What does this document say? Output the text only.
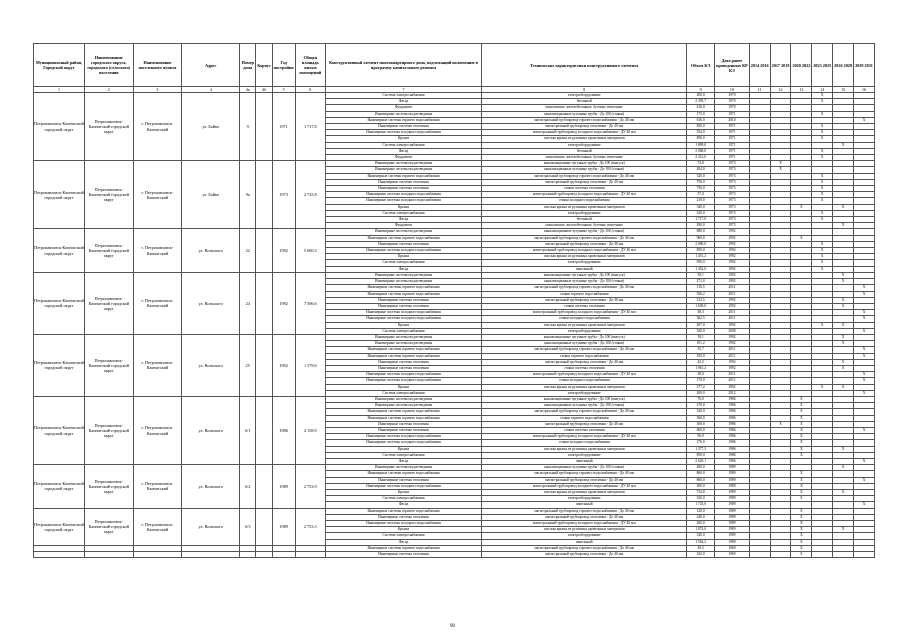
Муниципальный район, Городской округ	Наименование городского округа, городского (сельского) поселения	Наименование населенного пункта	Адрес	Номер дома	Корпус	Год постройки	Общая площадь жилых помещений	Конструктивный элемент многоквартирного дома, подлежащий включению в программу капитального ремонта	Технические характеристики конструктивного элемента	Объем КЭ	Дата ранее проведенных КР КЭ	2014 2016	2017 2019	2020 2022	2023 2025	2026 2028	2029 2031
1	2	3	4	4а	4б	5	6	7	8	9	10	11	12	13	14	15	16
Петропавловск-Камчатский городской округ	Петропавловск-Камчатский городской округ	г. Петропавловск-Камчатский	ул. Бойко	9		1971	1 717,8	Система электроснабжения	электрооборудование	200,0	1970				X		
								Фасад	бетонный	2 395,7	1970				X		
								Фундамент	монолитные, железобетонные, бутовые ленточные	416,0	1970						
								Инженерные системы водоотведения	канализационные чугунные трубы - До 100 (стояки)	175,0	1971				X		
								Инженерные системы горячего водоснабжения	магистральный трубопровод горячего водоснабжения - До 40 мм	616,0	2010						X
								Инженерные системы отопления	магистральный трубопровод отопления - До 40 мм	850,0	1971				X		
								Инженерные системы холодного водоснабжения	магистральный трубопровод холодного водоснабжения - ДУ 40 мм	554,0	1971				X		
								Крыша	плоская крыша из рулонных кровельных материалов	850,0	1971				X		
								Система электроснабжения	электрооборудование	1 809,0	1971					X	
								Фасад	бетонный	2 068,0	1971				X		
								Фундамент	монолитные, железобетонные, бутовые ленточные	2 312,0	1971				X		
Петропавловск-Камчатский городской округ	Петропавловск-Камчатский городской округ	г. Петропавловск-Камчатский	ул. Бойко	9а		1973	2 725,8	Инженерные системы водоотведения	канализационные чугунные трубы - До 100 (выпуск)	72,0	1973		X				
								Инженерные системы водоотведения	канализационные чугунные трубы - До 100 (стояки)	204,0	1973		X				
								Инженерные системы горячего водоснабжения	магистральный трубопровод горячего водоснабжения - До 40 мм	320,0	1973				X		
								Инженерные системы отопления	магистральный трубопровод отопления - До 40 мм	756,0	1973				X		
								Инженерные системы отопления	стояки системы отопления	756,0	1973				X		
								Инженерные системы холодного водоснабжения	магистральный трубопровод холодного водоснабжения - ДУ 40 мм	57,0	1973				X		
								Инженерные системы холодного водоснабжения	стояки холодного водоснабжения	210,0	1973				X		
								Крыша	плоская крыша из рулонных кровельных материалов	340,0	1973			X		X	
								Система электроснабжения	электрооборудование	320,0	1973				X		
								Фасад	бетонный	1 717,0	1973				X		
								Фундамент	монолитные, железобетонные, бутовые ленточные	290,0	1973					X	
Петропавловск-Камчатский городской округ	Петропавловск-Камчатский городской округ	г. Петропавловск-Камчатский	ул. Вольского	22		1992	5 600,3	Инженерные системы водоотведения	канализационные чугунные трубы - До 100 (стояки)	880,0	1992						
								Инженерные системы горячего водоснабжения	магистральный трубопровод горячего водоснабжения - До 40 мм	960,0	1992			X			
								Инженерные системы отопления	магистральный трубопровод отопления - До 40 мм	2 080,0	1992				X		
								Инженерные системы холодного водоснабжения	магистральный трубопровод холодного водоснабжения - ДУ 40 мм	850,0	1992				X		
								Крыша	плоская крыша из рулонных кровельных материалов	1 451,2	1992				X		
								Система электроснабжения	электрооборудование	950,0	1992				X		
								Фасад	панельный	1 452,0	1992				X		
Петропавловск-Камчатский городской округ	Петропавловск-Камчатский городской округ	г. Петропавловск-Камчатский	ул. Вольского	24		1992	7 506,6	Инженерные системы водоотведения	канализационные чугунные трубы - До 100 (выпуск)	39,1	1992					X	
								Инженерные системы водоотведения	канализационные чугунные трубы - До 100 (стояки)	271,0	1992					X	
								Инженерные системы горячего водоснабжения	магистральный трубопровод горячего водоснабжения - До 40 мм	116,5	2011						X
								Инженерные системы горячего водоснабжения	стояки горячего водоснабжения	926,2	2011						X
								Инженерные системы отопления	магистральный трубопровод отопления - До 40 мм	123,5	1992					X	
								Инженерные системы отопления	стояки системы отопления	1 630,0	1992					X	
								Инженерные системы холодного водоснабжения	магистральный трубопровод холодного водоснабжения - ДУ 40 мм	38,3	2011						X
								Инженерные системы холодного водоснабжения	стояки холодного водоснабжения	362,5	2011						X
								Крыша	плоская крыша из рулонных кровельных материалов	207,0	1992				X	X	
								Система электроснабжения	электрооборудование	520,0	2008						X
Петропавловск-Камчатский городской округ	Петропавловск-Камчатский городской округ	г. Петропавловск-Камчатский	ул. Вольского	25		1992	1 379,6	Инженерные системы водоотведения	канализационные чугунные трубы - До 100 (выпуск)	39,1	1992					X	
								Инженерные системы водоотведения	канализационные чугунные трубы - До 100 (стояки)	101,2	1992					X	
								Инженерные системы горячего водоснабжения	магистральный трубопровод горячего водоснабжения - До 40 мм	35,7	2011						X
								Инженерные системы горячего водоснабжения	стояки горячего водоснабжения	350,0	2011						X
								Инженерные системы отопления	магистральный трубопровод отопления - До 40 мм	42,2	1992					X	
								Инженерные системы отопления	стояки системы отопления	1 061,2	1992					X	
								Инженерные системы холодного водоснабжения	магистральный трубопровод холодного водоснабжения - ДУ 40 мм	28,0	2011						X
								Инженерные системы холодного водоснабжения	стояки холодного водоснабжения	170,0	2011						X
								Крыша	плоская крыша из рулонных кровельных материалов	377,2	1992				X	X	
								Система электроснабжения	электрооборудование	200,0	2012						X
Петропавловск-Камчатский городской округ	Петропавловск-Камчатский городской округ	г. Петропавловск-Камчатский	ул. Вольского	6/1		1986	4 158,9	Инженерные системы водоотведения	канализационные чугунные трубы - До 100 (выпуск)	70,0	1986			X			
								Инженерные системы водоотведения	канализационные чугунные трубы - До 100 (стояки)	270,0	1986			X			
								Инженерные системы горячего водоснабжения	магистральный трубопровод горячего водоснабжения - До 40 мм	320,0	1986			X			
								Инженерные системы горячего водоснабжения	стояки горячего водоснабжения	560,0	1986			X			
								Инженерные системы отопления	магистральный трубопровод отопления - До 40 мм	360,0	1986		X	X			
								Инженерные системы отопления	стояки системы отопления	600,0	1986			X			X
								Инженерные системы холодного водоснабжения	магистральный трубопровод холодного водоснабжения - ДУ 40 мм	90,0	1986			X			
								Инженерные системы холодного водоснабжения	стояки холодного водоснабжения	270,0	1986			X			
								Крыша	плоская крыша из рулонных кровельных материалов	1 377,3	1986			X		X	
								Система электроснабжения	электрооборудование	850,0	1986			X			
								Фасад	панельный	2 620,1	1986						X
Петропавловск-Камчатский городской округ	Петропавловск-Камчатский городской округ	г. Петропавловск-Камчатский	ул. Вольского	6/2		1989	2 753,9	Инженерные системы водоотведения	канализационные чугунные трубы - До 100 (стояки)	200,0	1989					X	
								Инженерные системы горячего водоснабжения	магистральный трубопровод горячего водоснабжения - До 40 мм	860,0	1989			X			
								Инженерные системы отопления	магистральный трубопровод отопления - До 40 мм	860,0	1989			X			X
								Инженерные системы холодного водоснабжения	магистральный трубопровод холодного водоснабжения - ДУ 40 мм	200,0	1989			X			
								Крыша	плоская крыша из рулонных кровельных материалов	724,8	1989			X		X	
								Система электроснабжения	электрооборудование	320,0	1989			X			
								Фасад	панельный	1 725,0	1989						X
Петропавловск-Камчатский городской округ	Петропавловск-Камчатский городской округ	г. Петропавловск-Камчатский	ул. Вольского	6/3		1989	2 753,3	Инженерные системы горячего водоснабжения	магистральный трубопровод горячего водоснабжения - До 40 мм	120,0	1989			X			
								Инженерные системы отопления	магистральный трубопровод отопления - До 40 мм	240,0	1989			X			
								Инженерные системы холодного водоснабжения	магистральный трубопровод холодного водоснабжения - ДУ 40 мм	200,0	1989			X			
								Крыша	плоская крыша из рулонных кровельных материалов	1 874,0	1989			X		X	
								Система электроснабжения	электрооборудование	320,0	1989			X			
								Фасад	панельный	1 562,2	1989			X			
								Инженерные системы горячего водоснабжения	магистральный трубопровод горячего водоснабжения - До 40 мм	30,5	1969			X			
								Инженерные системы отопления	магистральный трубопровод отопления - До 40 мм	342,0	1969			X			
90
